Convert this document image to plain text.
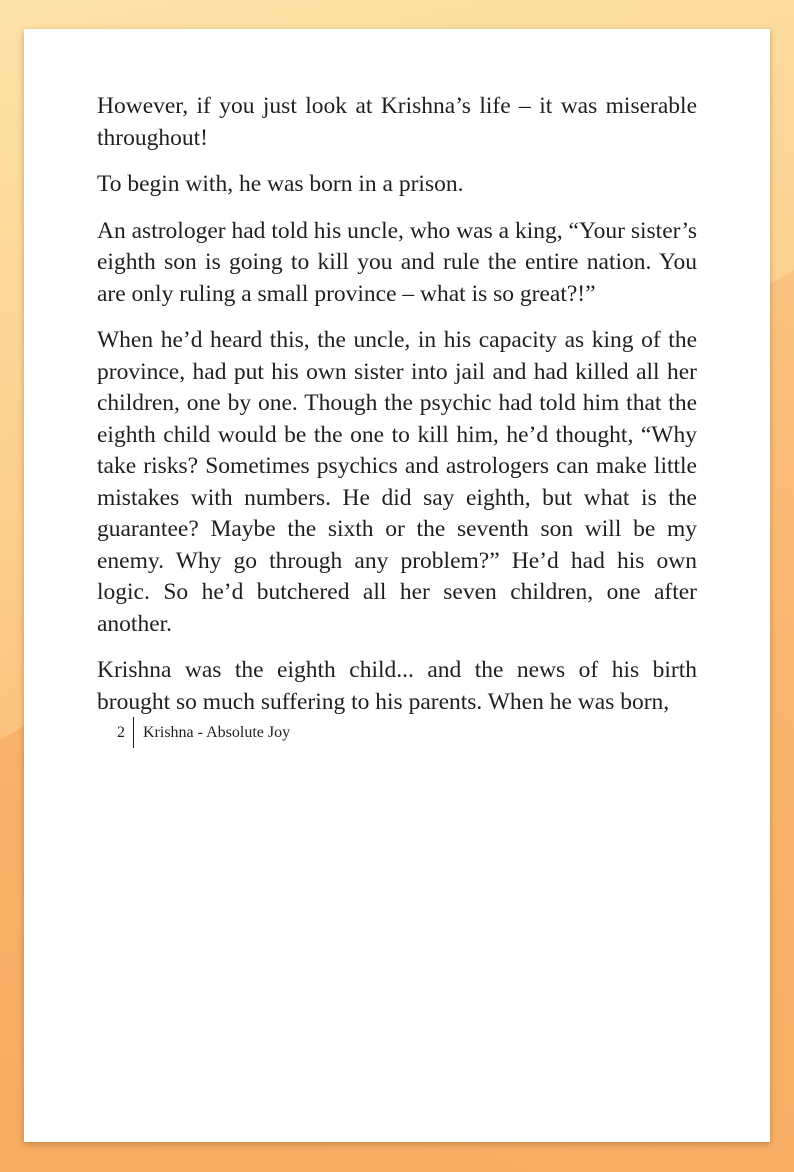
However, if you just look at Krishna’s life – it was miserable throughout!

To begin with, he was born in a prison.

An astrologer had told his uncle, who was a king, “Your sister’s eighth son is going to kill you and rule the entire nation. You are only ruling a small province – what is so great?!”

When he’d heard this, the uncle, in his capacity as king of the province, had put his own sister into jail and had killed all her children, one by one. Though the psychic had told him that the eighth child would be the one to kill him, he’d thought, “Why take risks? Sometimes psychics and astrologers can make little mistakes with numbers. He did say eighth, but what is the guarantee? Maybe the sixth or the seventh son will be my enemy. Why go through any problem?” He’d had his own logic. So he’d butchered all her seven children, one after another.

Krishna was the eighth child... and the news of his birth brought so much suffering to his parents. When he was born,

2	Krishna - Absolute Joy
